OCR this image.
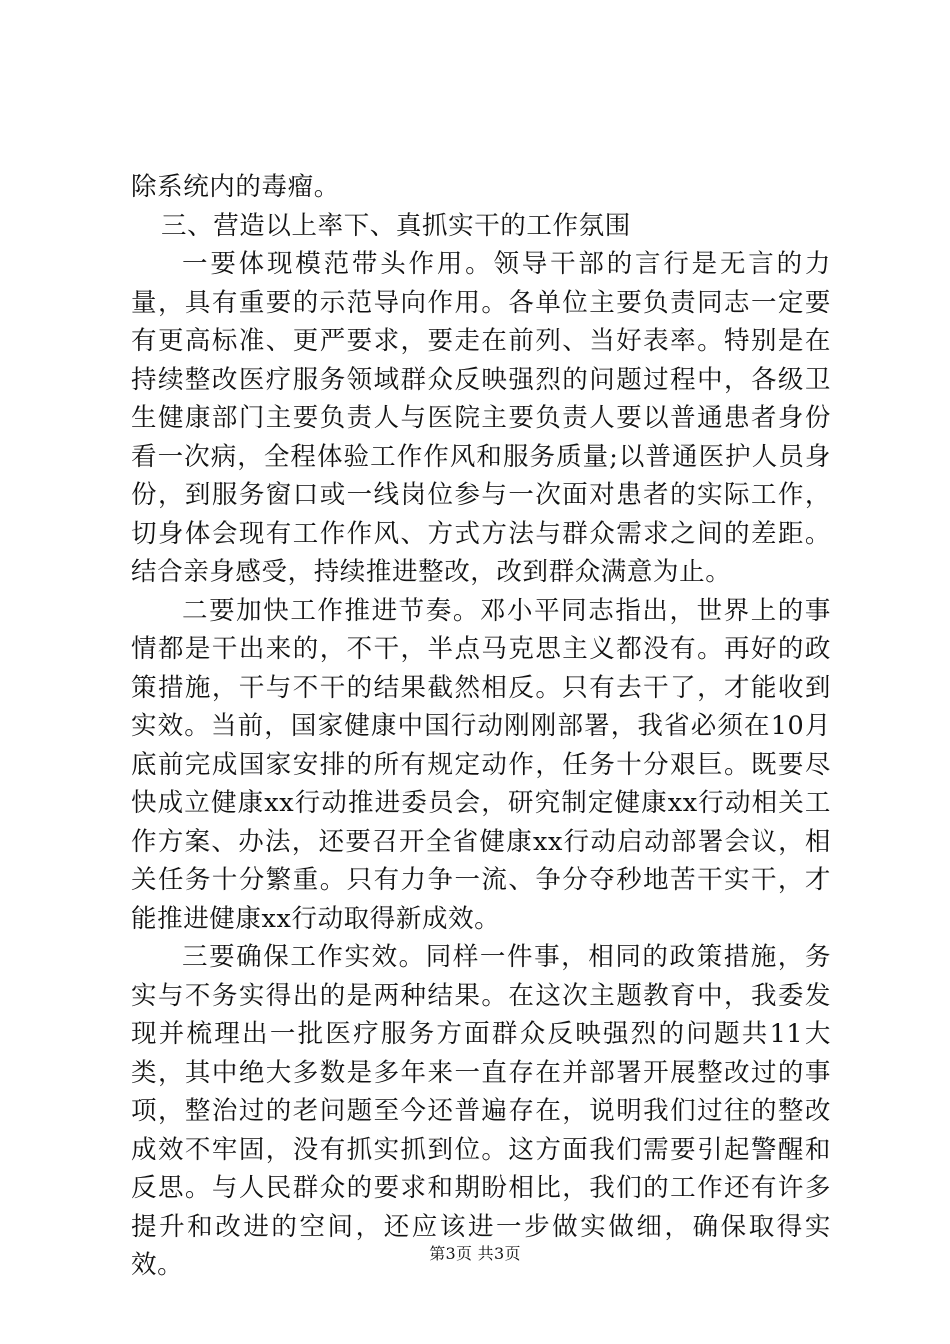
除系统内的毒瘤。

三、营造以上率下、真抓实干的工作氛围

一要体现模范带头作用。领导干部的言行是无言的力量，具有重要的示范导向作用。各单位主要负责同志一定要有更高标准、更严要求，要走在前列、当好表率。特别是在持续整改医疗服务领域群众反映强烈的问题过程中，各级卫生健康部门主要负责人与医院主要负责人要以普通患者身份看一次病，全程体验工作作风和服务质量;以普通医护人员身份，到服务窗口或一线岗位参与一次面对患者的实际工作，切身体会现有工作作风、方式方法与群众需求之间的差距。结合亲身感受，持续推进整改，改到群众满意为止。

二要加快工作推进节奏。邓小平同志指出，世界上的事情都是干出来的，不干，半点马克思主义都没有。再好的政策措施，干与不干的结果截然相反。只有去干了，才能收到实效。当前，国家健康中国行动刚刚部署，我省必须在10月底前完成国家安排的所有规定动作，任务十分艰巨。既要尽快成立健康xx行动推进委员会，研究制定健康xx行动相关工作方案、办法，还要召开全省健康xx行动启动部署会议，相关任务十分繁重。只有力争一流、争分夺秒地苦干实干，才能推进健康xx行动取得新成效。

三要确保工作实效。同样一件事，相同的政策措施，务实与不务实得出的是两种结果。在这次主题教育中，我委发现并梳理出一批医疗服务方面群众反映强烈的问题共11大类，其中绝大多数是多年来一直存在并部署开展整改过的事项，整治过的老问题至今还普遍存在，说明我们过往的整改成效不牢固，没有抓实抓到位。这方面我们需要引起警醒和反思。与人民群众的要求和期盼相比，我们的工作还有许多提升和改进的空间，还应该进一步做实做细，确保取得实效。	第3页 共3页
